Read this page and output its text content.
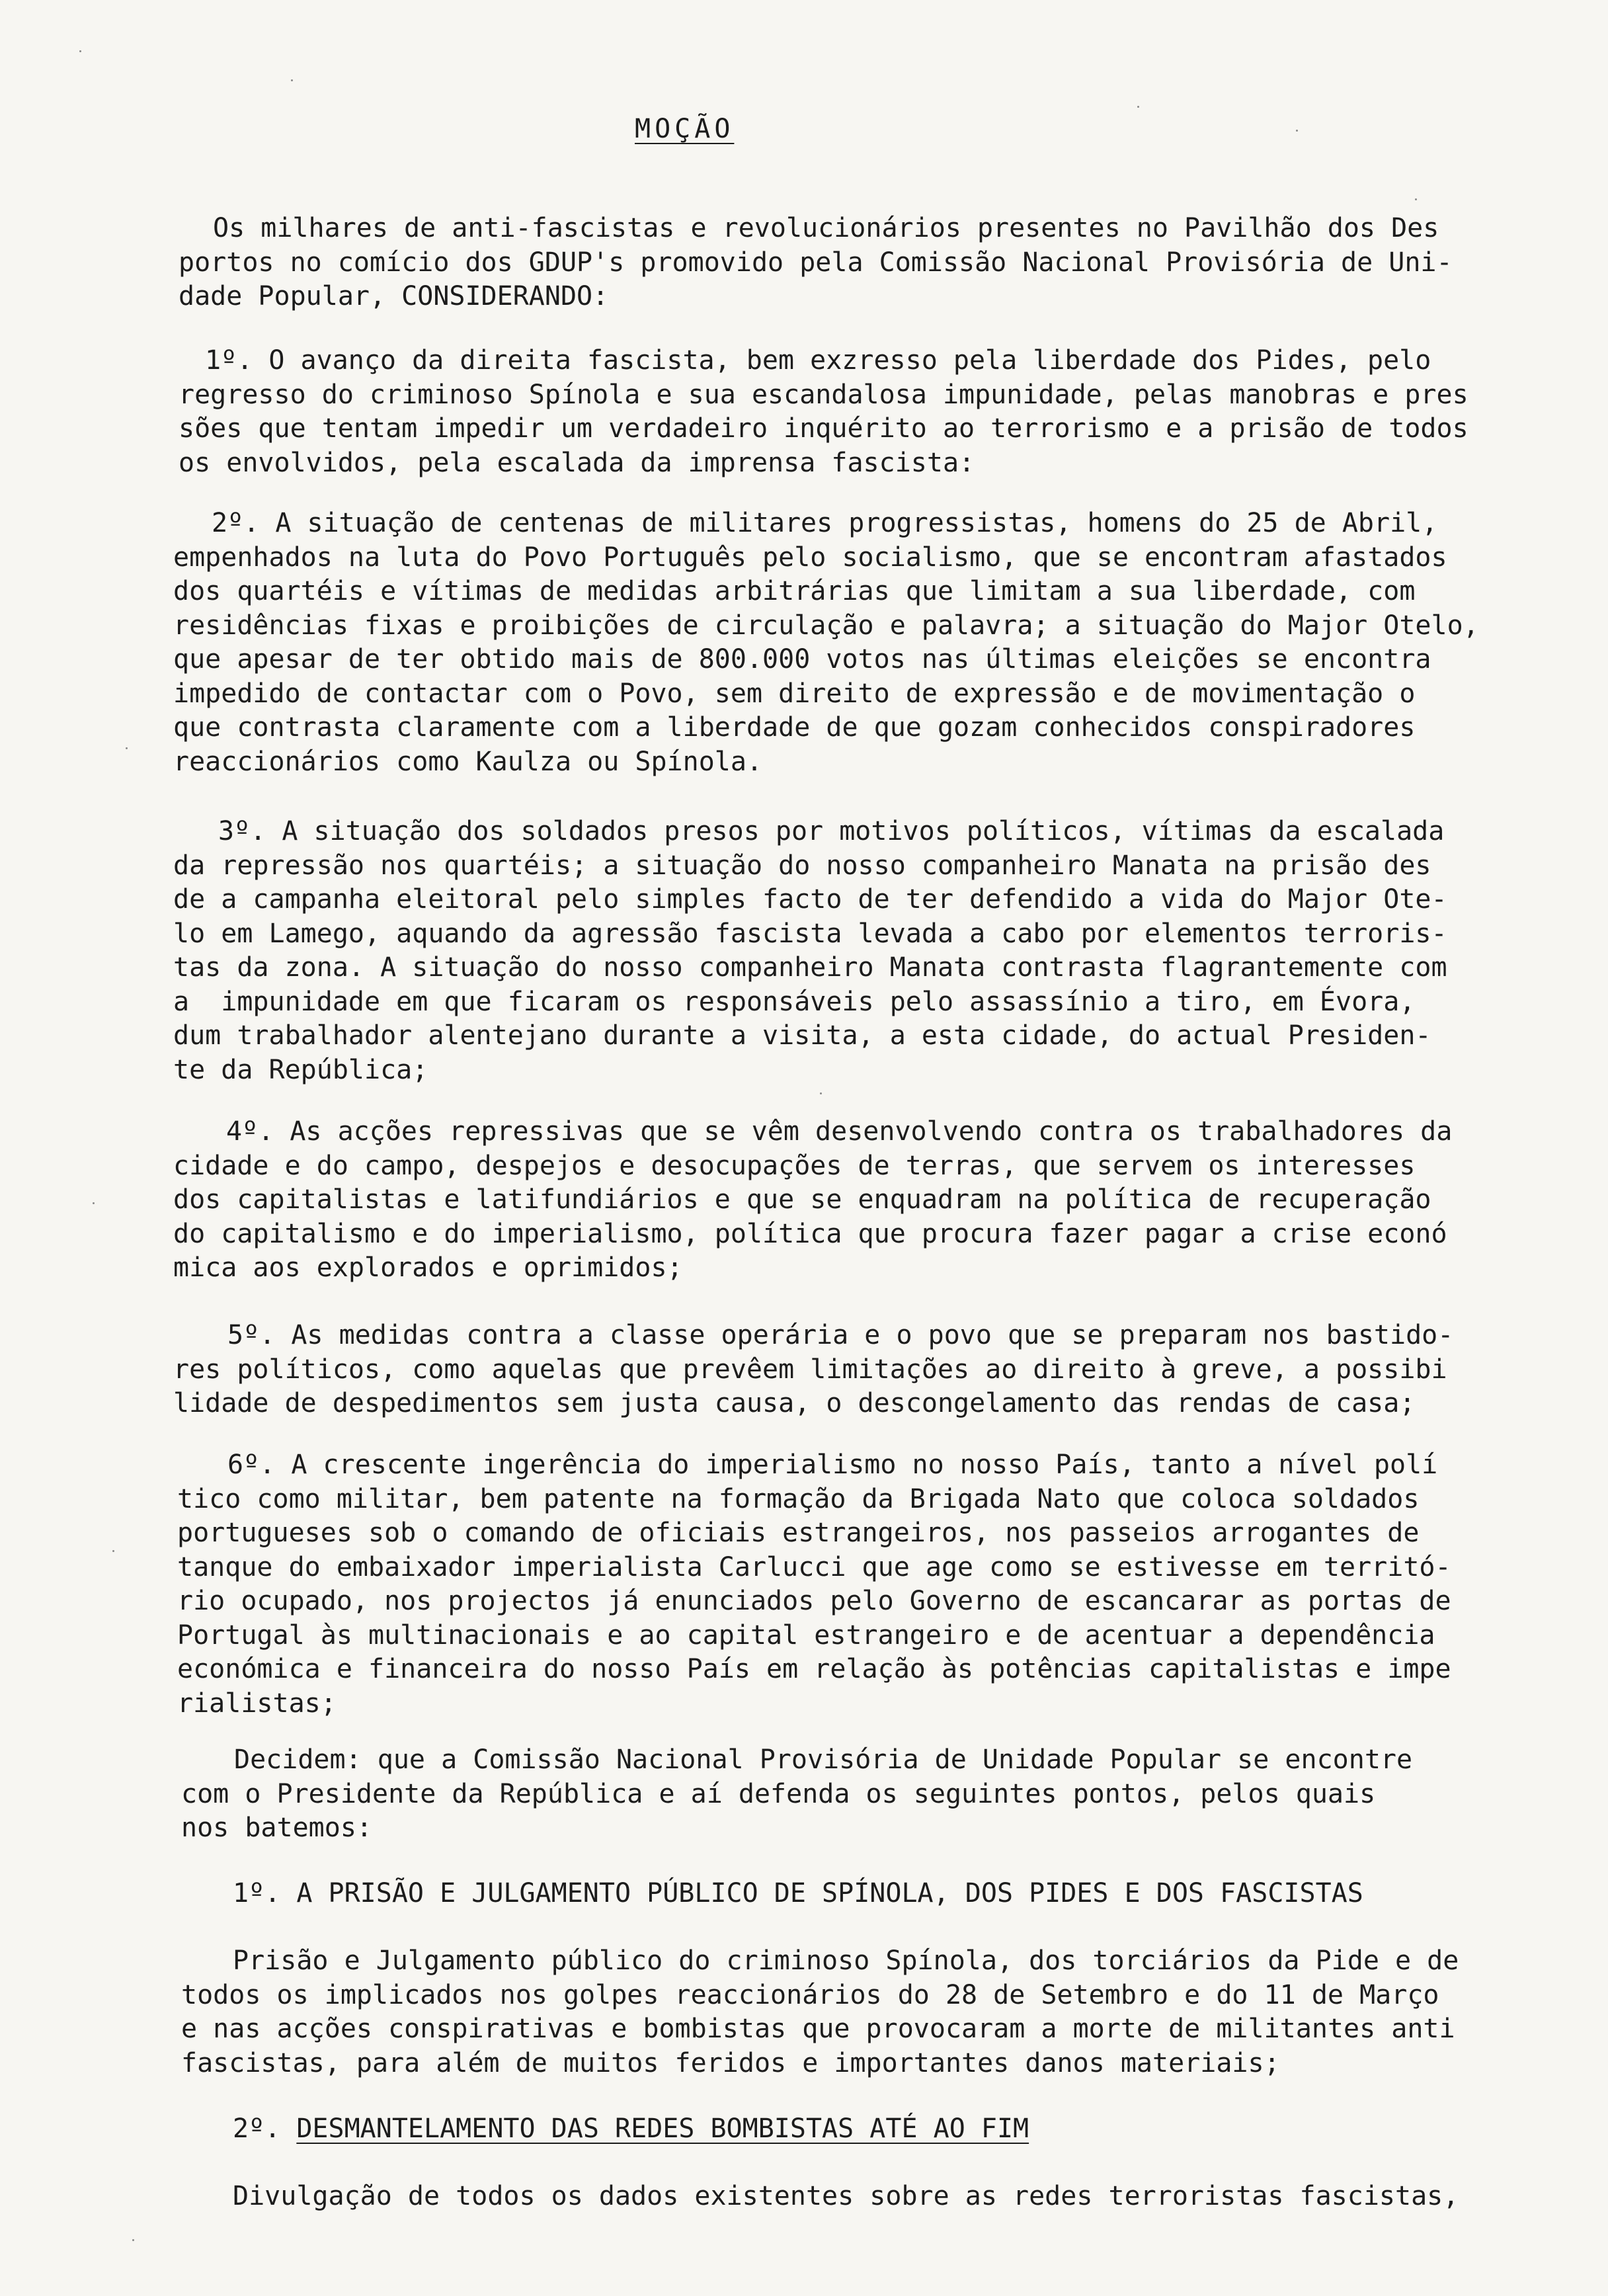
MOÇÃO
Os milhares de anti-fascistas e revolucionários presentes no Pavilhão dos Des
portos no comício dos GDUP's promovido pela Comissão Nacional Provisória de Uni-
dade Popular, CONSIDERANDO:
1º. O avanço da direita fascista, bem exzresso pela liberdade dos Pides, pelo
regresso do criminoso Spínola e sua escandalosa impunidade, pelas manobras e pres
sões que tentam impedir um verdadeiro inquérito ao terrorismo e a prisão de todos
os envolvidos, pela escalada da imprensa fascista:
2º. A situação de centenas de militares progressistas, homens do 25 de Abril,
empenhados na luta do Povo Português pelo socialismo, que se encontram afastados
dos quartéis e vítimas de medidas arbitrárias que limitam a sua liberdade, com
residências fixas e proibições de circulação e palavra; a situação do Major Otelo,
que apesar de ter obtido mais de 800.000 votos nas últimas eleições se encontra
impedido de contactar com o Povo, sem direito de expressão e de movimentação o
que contrasta claramente com a liberdade de que gozam conhecidos conspiradores
reaccionários como Kaulza ou Spínola.
3º. A situação dos soldados presos por motivos políticos, vítimas da escalada
da repressão nos quartéis; a situação do nosso companheiro Manata na prisão des
de a campanha eleitoral pelo simples facto de ter defendido a vida do Major Ote-
lo em Lamego, aquando da agressão fascista levada a cabo por elementos terroris-
tas da zona. A situação do nosso companheiro Manata contrasta flagrantemente com
a  impunidade em que ficaram os responsáveis pelo assassínio a tiro, em Évora,
dum trabalhador alentejano durante a visita, a esta cidade, do actual Presiden-
te da República;
4º. As acções repressivas que se vêm desenvolvendo contra os trabalhadores da
cidade e do campo, despejos e desocupações de terras, que servem os interesses
dos capitalistas e latifundiários e que se enquadram na política de recuperação
do capitalismo e do imperialismo, política que procura fazer pagar a crise econó
mica aos explorados e oprimidos;
5º. As medidas contra a classe operária e o povo que se preparam nos bastido-
res políticos, como aquelas que prevêem limitações ao direito à greve, a possibi
lidade de despedimentos sem justa causa, o descongelamento das rendas de casa;
6º. A crescente ingerência do imperialismo no nosso País, tanto a nível polí
tico como militar, bem patente na formação da Brigada Nato que coloca soldados
portugueses sob o comando de oficiais estrangeiros, nos passeios arrogantes de
tanque do embaixador imperialista Carlucci que age como se estivesse em territó-
rio ocupado, nos projectos já enunciados pelo Governo de escancarar as portas de
Portugal às multinacionais e ao capital estrangeiro e de acentuar a dependência
económica e financeira do nosso País em relação às potências capitalistas e impe
rialistas;
Decidem: que a Comissão Nacional Provisória de Unidade Popular se encontre
com o Presidente da República e aí defenda os seguintes pontos, pelos quais
nos batemos:
1º. A PRISÃO E JULGAMENTO PÚBLICO DE SPÍNOLA, DOS PIDES E DOS FASCISTAS
Prisão e Julgamento público do criminoso Spínola, dos torciários da Pide e de
todos os implicados nos golpes reaccionários do 28 de Setembro e do 11 de Março
e nas acções conspirativas e bombistas que provocaram a morte de militantes anti
fascistas, para além de muitos feridos e importantes danos materiais;
2º. DESMANTELAMENTO DAS REDES BOMBISTAS ATÉ AO FIM
Divulgação de todos os dados existentes sobre as redes terroristas fascistas,
